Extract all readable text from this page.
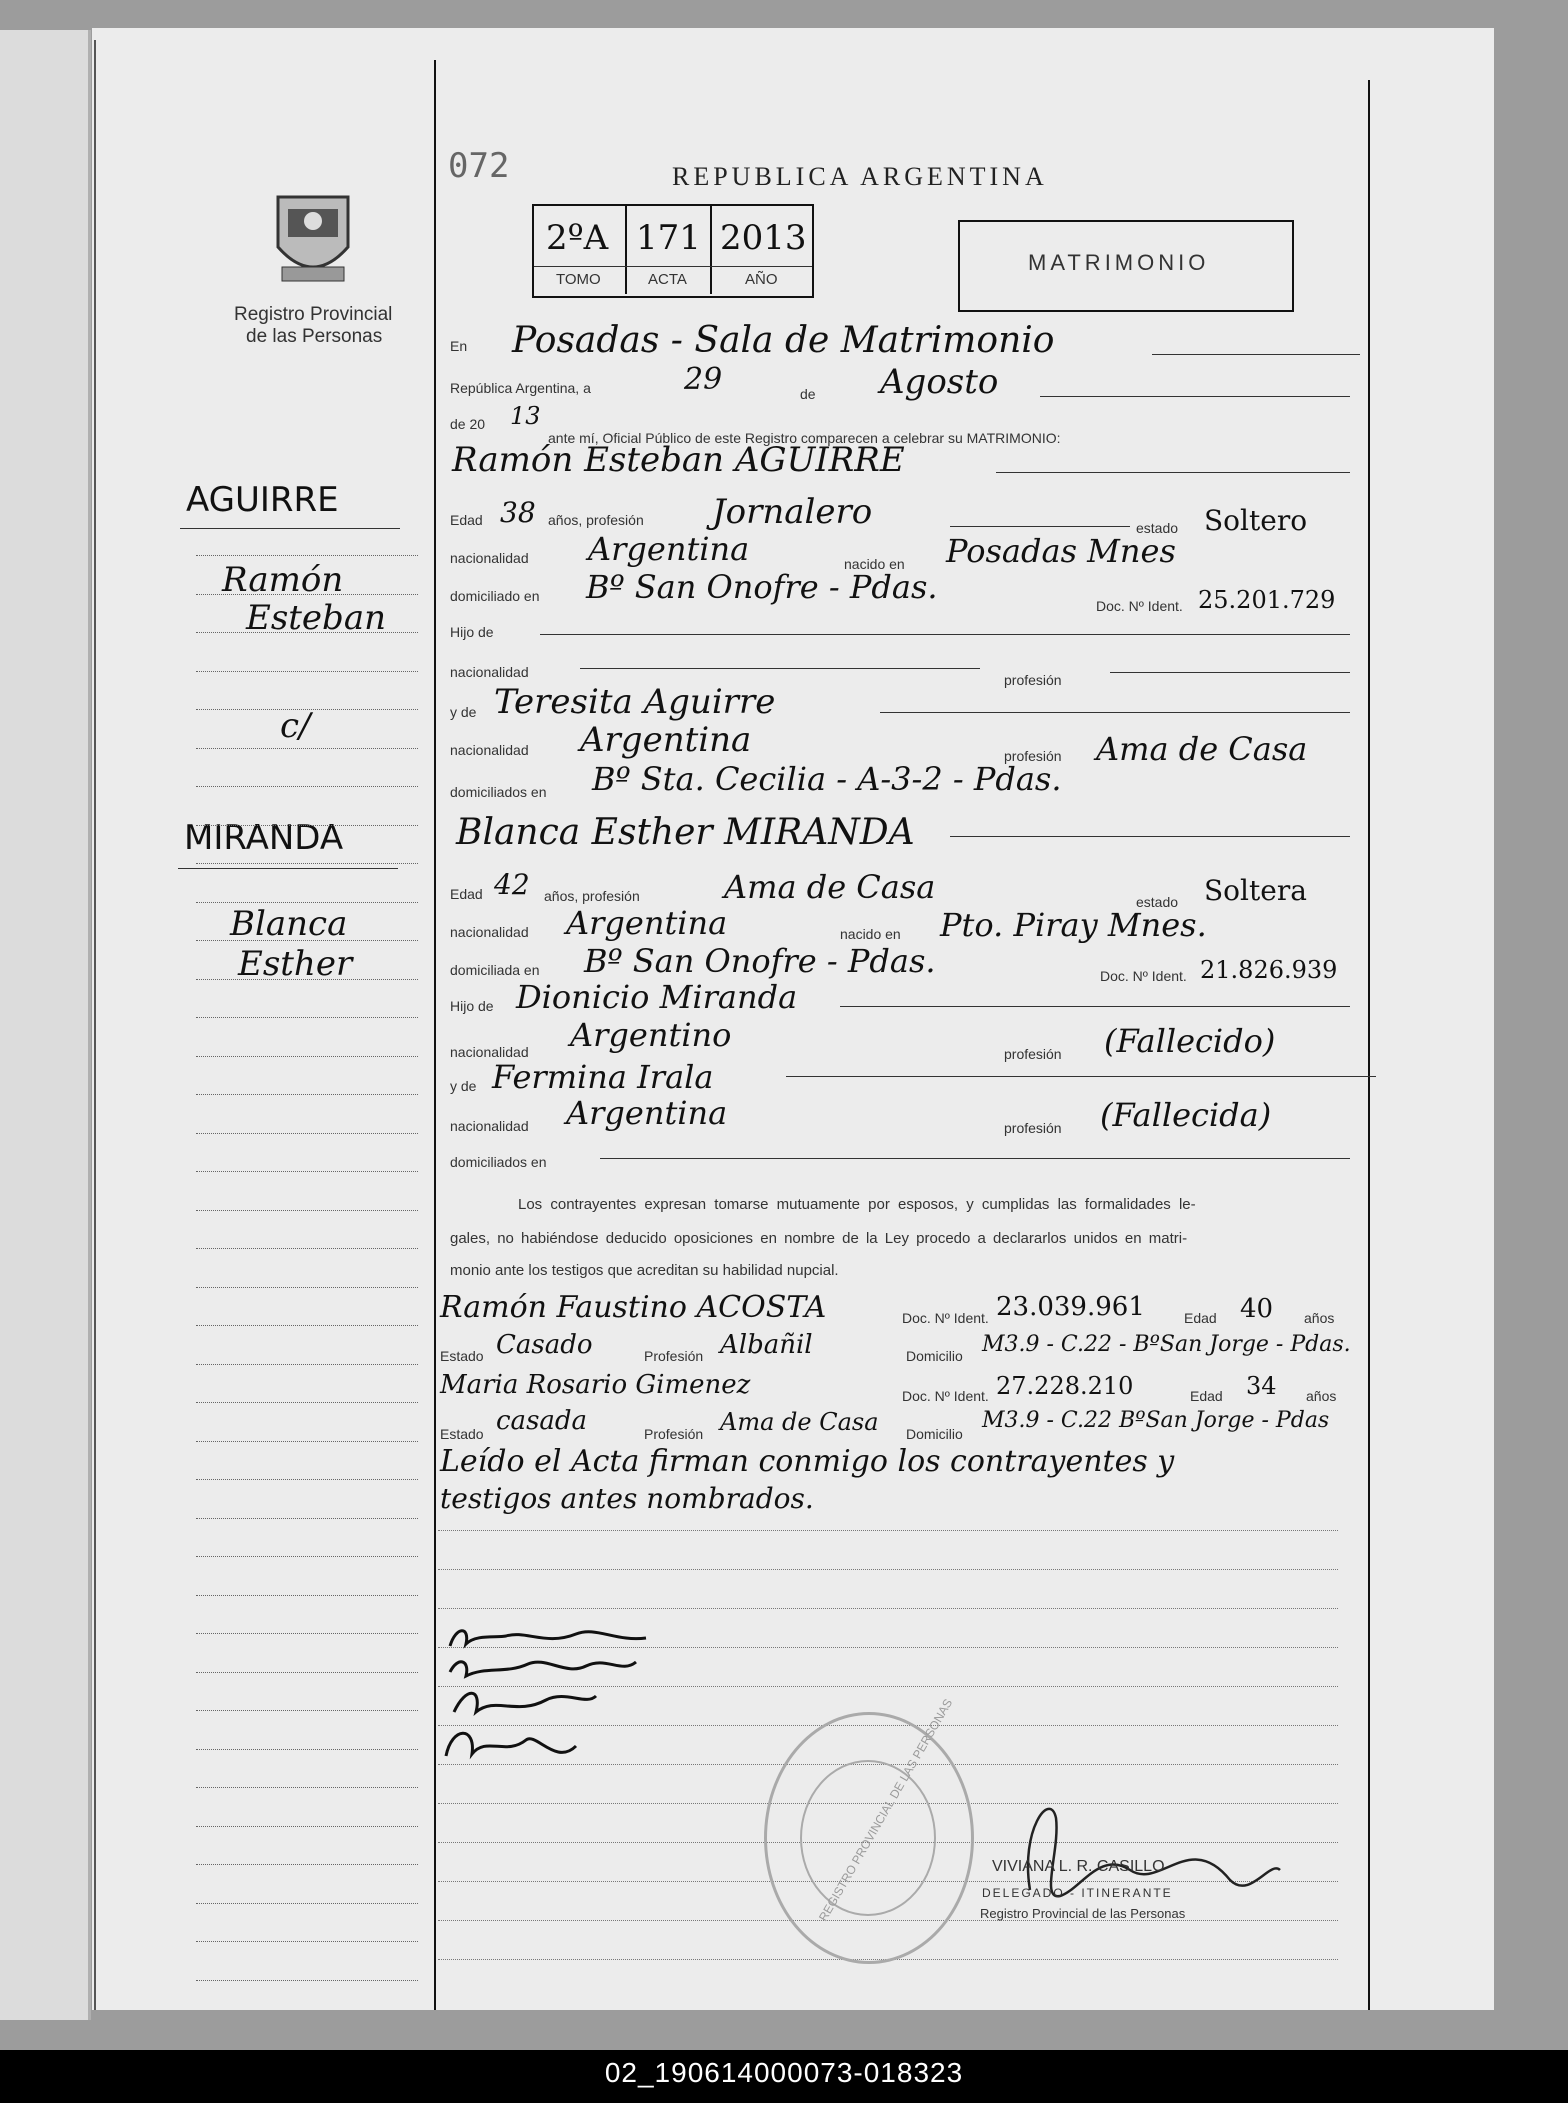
072	REPUBLICA ARGENTINA
2ºA 171 2013
TOMO	ACTA	AÑO
MATRIMONIO
Registro Provincial
de las Personas
AGUIRRE
Ramón
Esteban
c/
MIRANDA
Blanca
Esther
En Posadas - Sala de Matrimonio
República Argentina, a	29	de Agosto
de 20 13
ante mí, Oficial Público de este Registro comparecen a celebrar su MATRIMONIO:
Ramón Esteban AGUIRRE
Edad 38 años, profesión Jornalero	estado Soltero
nacionalidad Argentina	nacido en Posadas Mnes
domiciliado en Bº San Onofre - Pdas.	Doc. Nº Ident. 25.201.729
Hijo de
nacionalidad	profesión
y de Teresita Aguirre
nacionalidad Argentina	profesión Ama de Casa
domiciliados en Bº Sta. Cecilia - A-3-2 - Pdas.
Blanca Esther MIRANDA
Edad 42 años, profesión	Ama de Casa	estado Soltera
nacionalidad Argentina	nacido en Pto. Piray Mnes.
domiciliada en Bº San Onofre - Pdas.	Doc. Nº Ident. 21.826.939
Hijo de Dionicio Miranda
nacionalidad Argentino	profesión (Fallecido)
y de Fermina Irala
nacionalidad Argentina	profesión (Fallecida)
domiciliados en
Los contrayentes expresan tomarse mutuamente por esposos, y cumplidas las formalidades le-
gales, no habiéndose deducido oposiciones en nombre de la Ley procedo a declararlos unidos en matri-
monio ante los testigos que acreditan su habilidad nupcial.
Ramón Faustino ACOSTA	Doc. Nº Ident. 23.039.961	Edad 40 años
Estado Casado	Profesión Albañil	Domicilio M3.9 - C.22 - BºSan Jorge - Pdas.
Maria Rosario Gimenez	Doc. Nº Ident. 27.228.210	Edad 34 años
Estado casada	Profesión Ama de Casa Domicilio
M3.9 - C.22 BºSan Jorge - Pdas
Leído el Acta firman conmigo los contrayentes y
testigos antes nombrados.
REGISTRO PROVINCIAL DE LAS PERSONAS VIVIANA L. R. CASILLO
DELEGADO - ITINERANTE
Registro Provincial de las Personas
02_190614000073-018323
